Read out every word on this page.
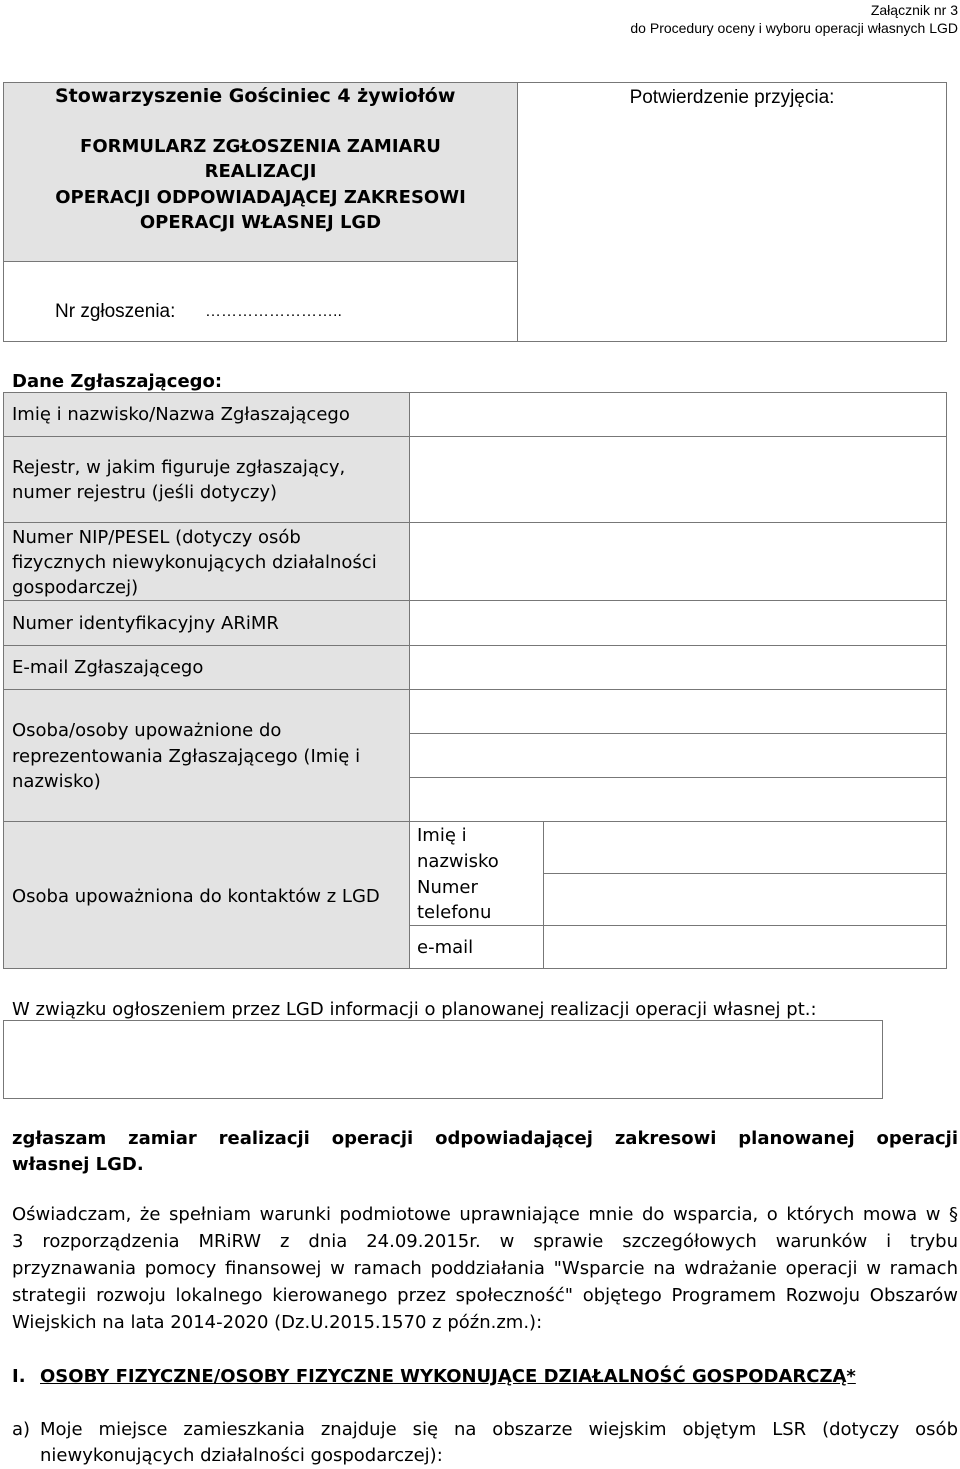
Załącznik nr 3
do Procedury oceny i wyboru operacji własnych LGD
Stowarzyszenie Gościniec 4 żywiołów
FORMULARZ ZGŁOSZENIA ZAMIARU
REALIZACJI
OPERACJI ODPOWIADAJĄCEJ ZAKRESOWI
OPERACJI WŁASNEJ LGD
Potwierdzenie przyjęcia:
Nr zgłoszenia: ……………………..
Dane Zgłaszającego:
Imię i nazwisko/Nazwa Zgłaszającego
Rejestr, w jakim figuruje zgłaszający,
numer rejestru (jeśli dotyczy)
Numer NIP/PESEL (dotyczy osób
fizycznych niewykonujących działalności
gospodarczej)
Numer identyfikacyjny ARiMR
E-mail Zgłaszającego
Osoba/osoby upoważnione do
reprezentowania Zgłaszającego (Imię i
nazwisko)
Osoba upoważniona do kontaktów z LGD
Imię i
nazwisko
Numer
telefonu
e-mail
W związku ogłoszeniem przez LGD informacji o planowanej realizacji operacji własnej pt.:
zgłaszam zamiar realizacji operacji odpowiadającej zakresowi planowanej operacji
własnej LGD.
Oświadczam, że spełniam warunki podmiotowe uprawniające mnie do wsparcia, o których mowa w §
3 rozporządzenia MRiRW z dnia 24.09.2015r. w sprawie szczegółowych warunków i trybu
przyznawania pomocy finansowej w ramach poddziałania "Wsparcie na wdrażanie operacji w ramach
strategii rozwoju lokalnego kierowanego przez społeczność" objętego Programem Rozwoju Obszarów
Wiejskich na lata 2014-2020 (Dz.U.2015.1570 z późn.zm.):
I. OSOBY FIZYCZNE/OSOBY FIZYCZNE WYKONUJĄCE DZIAŁALNOŚĆ GOSPODARCZĄ*
a) Moje miejsce zamieszkania znajduje się na obszarze wiejskim objętym LSR (dotyczy osób
niewykonujących działalności gospodarczej):
